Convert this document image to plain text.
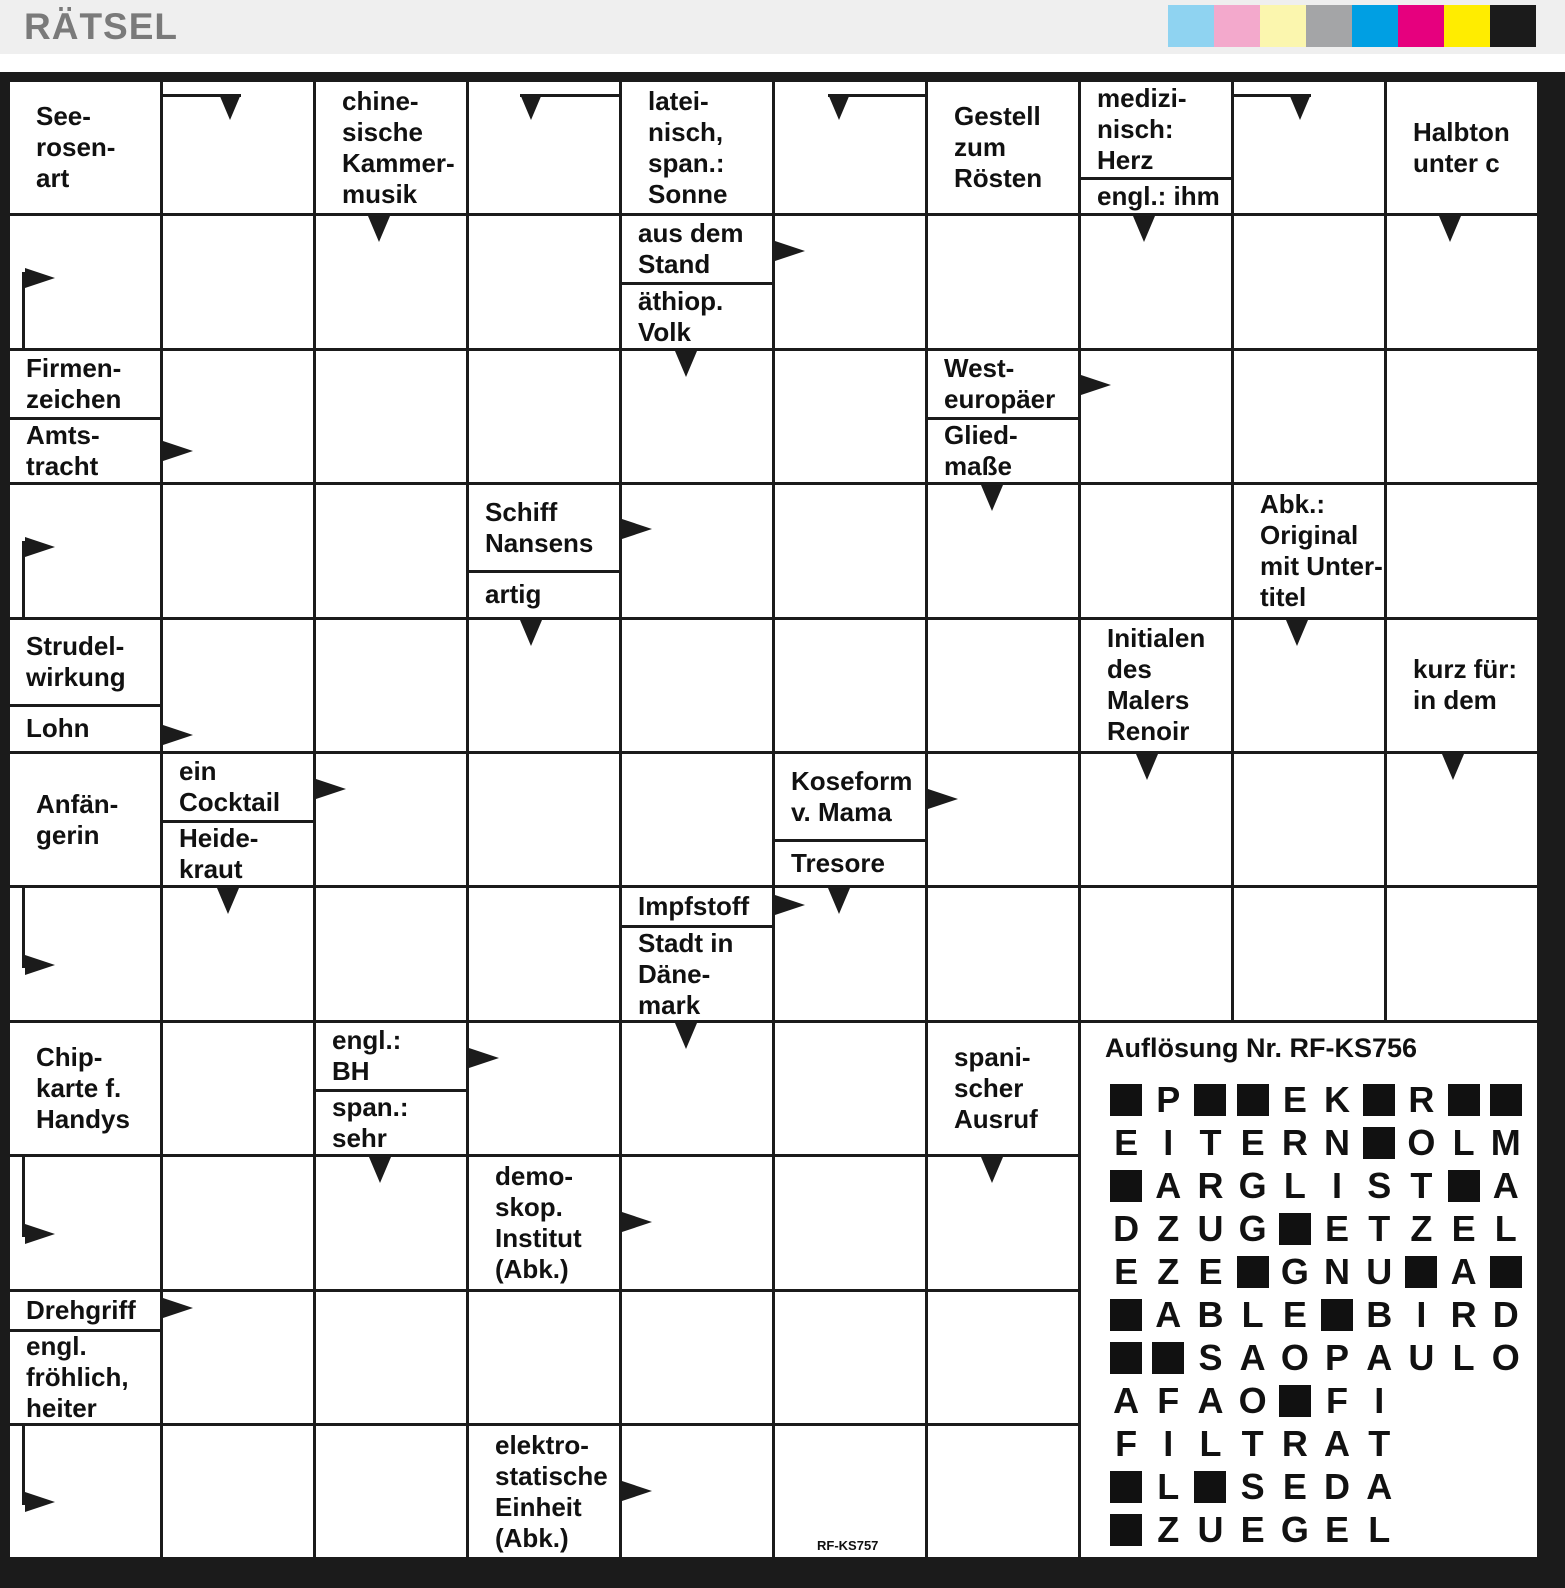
RÄTSEL
See-
rosen-
art
chine-
sische
Kammer-
musik
latei-
nisch,
span.:
Sonne
Gestell
zum
Rösten
medizi-
nisch:
Herz
engl.: ihm
Halbton
unter c
aus dem
Stand
äthiop.
Volk
Firmen-
zeichen
Amts-
tracht
West-
europäer
Glied-
maße
Schiff
Nansens
artig
Abk.:
Original
mit Unter-
titel
Strudel-
wirkung
Lohn
Initialen
des
Malers
Renoir
kurz für:
in dem
Anfän-
gerin
ein
Cocktail
Heide-
kraut
Koseform
v. Mama
Tresore
Impfstoff
Stadt in
Däne-
mark
Chip-
karte f.
Handys
engl.:
BH
span.:
sehr
spani-
scher
Ausruf
demo-
skop.
Institut
(Abk.)
Drehgriff
engl.
fröhlich,
heiter
elektro-
statische
Einheit
(Abk.)
Auflösung Nr. RF-KS756
P	E K R
E I T E R N O L M
A R G L I S T A
D Z U G E T Z E L
E Z E G N U A
A B L E B I R D
S A O P A U L O
A F A O F I
F I L T R A T
L S E D A
Z U E G E L
RF-KS757
